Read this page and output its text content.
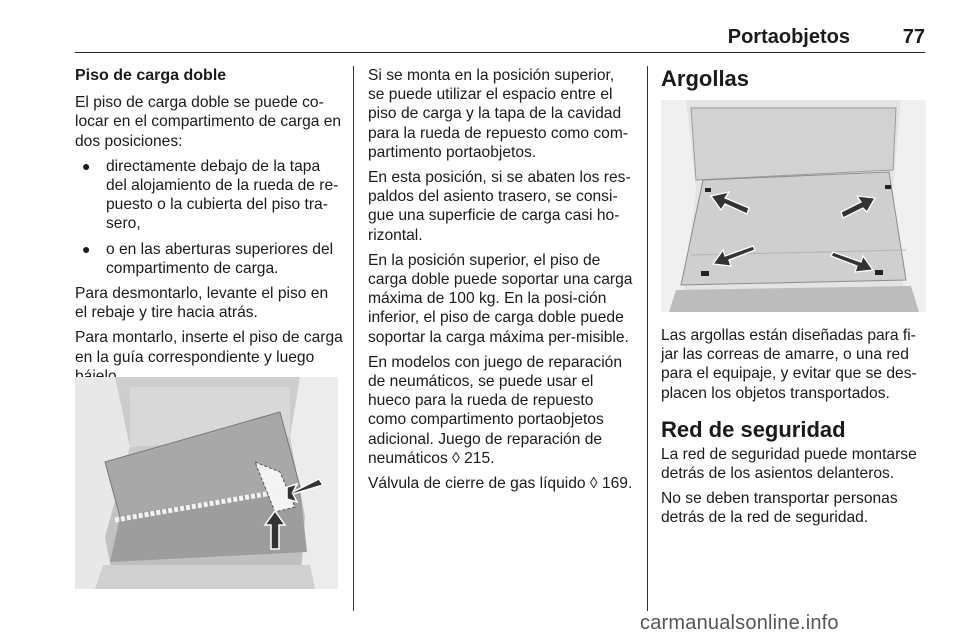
Portaobjetos	77
Piso de carga doble

El piso de carga doble se puede co-locar en el compartimento de carga en dos posiciones:

● directamente debajo de la tapa del alojamiento de la rueda de re-puesto o la cubierta del piso tra-sero,
● o en las aberturas superiores del compartimento de carga.

Para desmontarlo, levante el piso en el rebaje y tire hacia atrás.

Para montarlo, inserte el piso de carga en la guía correspondiente y luego

Si se monta en la posición superior, se puede utilizar el espacio entre el piso de carga y la tapa de la cavidad para la rueda de repuesto como com-partimento portaobjetos.

En esta posición, si se abaten los res-paldos del asiento trasero, se consi-gue una superficie de carga casi ho-rizontal.

En la posición superior, el piso de carga doble puede soportar una carga máxima de 100 kg. En la posi-ción inferior, el piso de carga doble puede soportar la carga máxima per-misible.

En modelos con juego de reparación de neumáticos, se puede usar el hueco para la rueda de repuesto como compartimento portaobjetos adicional. Juego de reparación de neumáticos ◊ 215.

Válvula de cierre de gas líquido ◊ 169.

Argollas

Las argollas están diseñadas para fi-jar las correas de amarre, o una red para el equipaje, y evitar que se des-placen los objetos transportados.

Red de seguridad

La red de seguridad puede montarse detrás de los asientos delanteros.

No se deben transportar personas detrás de la red de seguridad.

carmanualsonline.info
